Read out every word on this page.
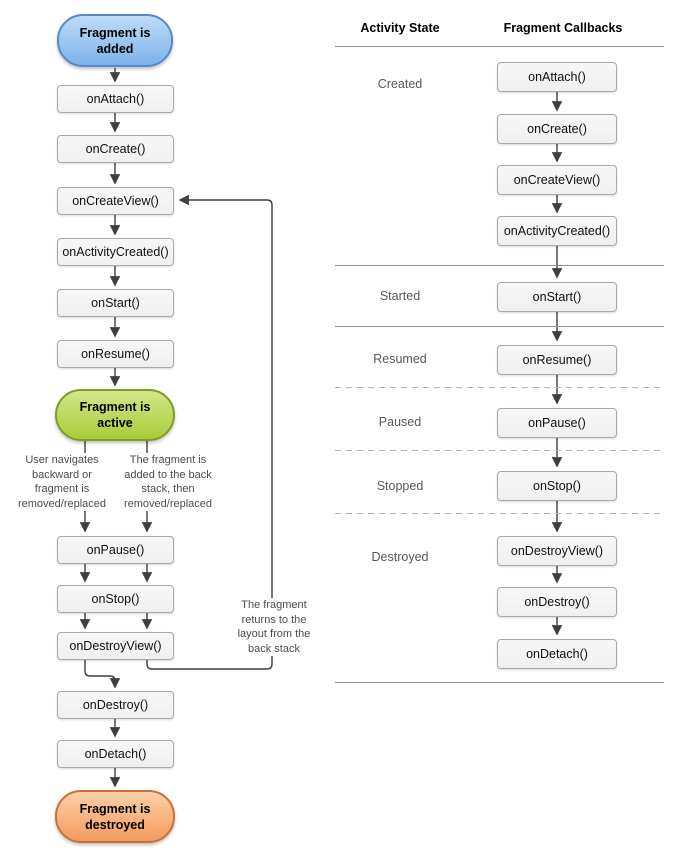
Fragment is added
onAttach()
onCreate()
onCreateView()
onActivityCreated()
onStart()
onResume()
Fragment is active
User navigates backward or fragment is removed/replaced
The fragment is added to the back stack, then removed/replaced
onPause()
onStop()
onDestroyView()
The fragment returns to the layout from the back stack
onDestroy()
onDetach()
Fragment is destroyed
Activity State	Fragment Callbacks
Created
Started
Resumed
Paused
Stopped
Destroyed
onAttach()
onCreate()
onCreateView()
onActivityCreated()
onStart()
onResume()
onPause()
onStop()
onDestroyView()
onDestroy()
onDetach()
